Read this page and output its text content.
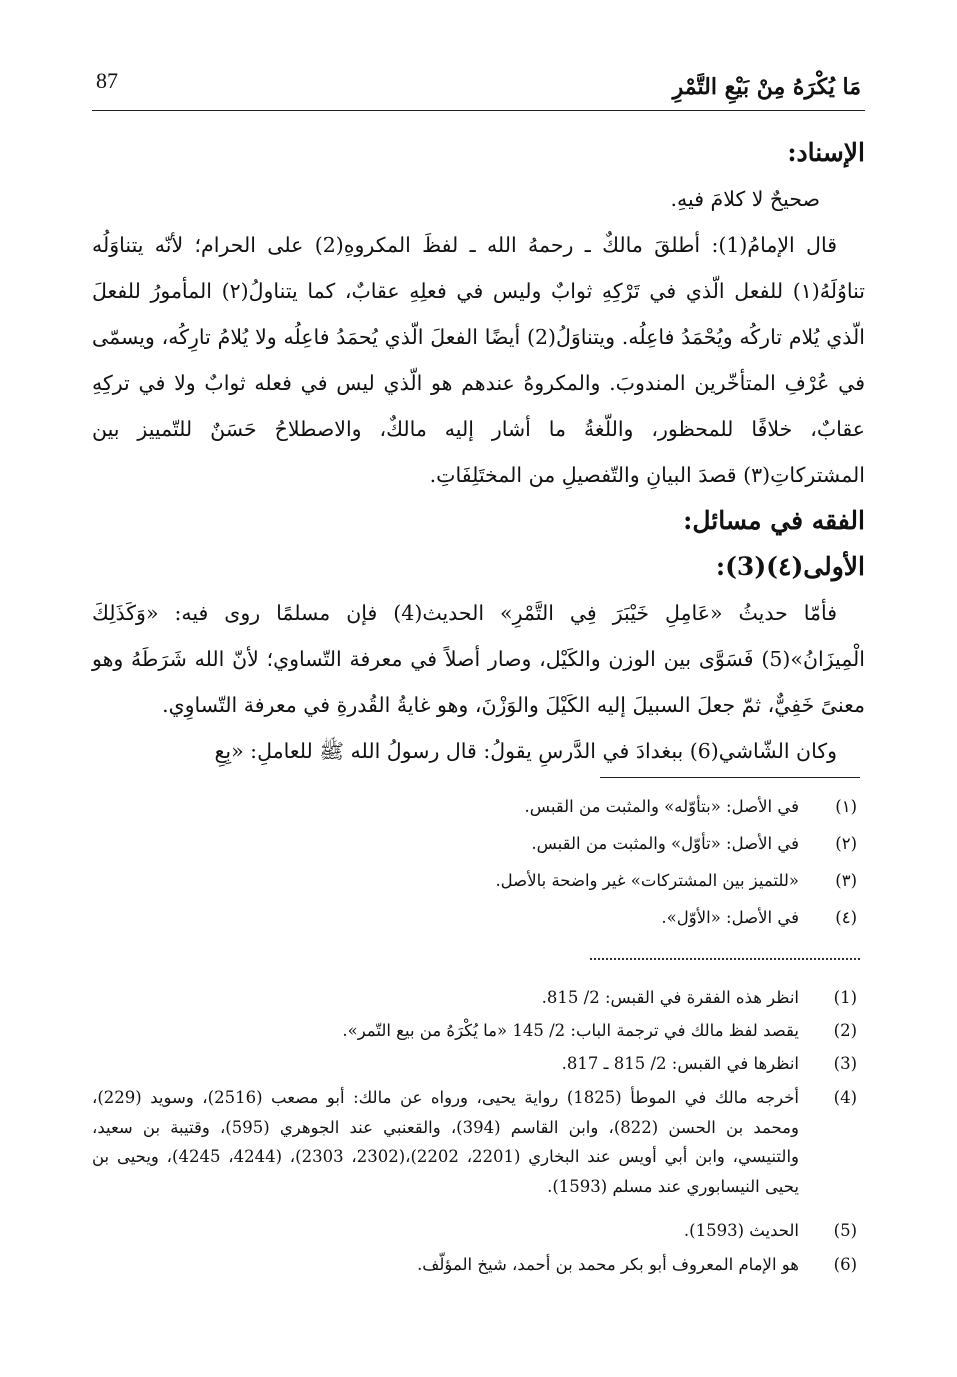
87	مَا يُكْرَهُ مِنْ بَيْعِ التَّمْرِ
الإسناد:
صحيحٌ لا كلامَ فيهِ.
قال الإمامُ(1): أطلقَ مالكٌ ـ رحمهُ الله ـ لفظَ المكروهِ(2) على الحرام؛ لأنّه يتناوَلُه تناوُلَهُ(١) للفعل الّذي في تَرْكِهِ ثوابٌ وليس في فعلِهِ عقابٌ، كما يتناولُ(٢) المأمورُ للفعلَ الّذي يُلام تاركُه ويُحْمَدُ فاعِلُه. ويتناوَلُ(2) أيضًا الفعلَ الّذي يُحمَدُ فاعِلُه ولا يُلامُ تارِكُه، ويسمّى في عُرْفِ المتأخّرين المندوبَ. والمكروهُ عندهم هو الّذي ليس في فعله ثوابٌ ولا في تركِهِ عقابٌ، خلافًا للمحظور، واللّغةُ ما أشار إليه مالكٌ، والاصطلاحُ حَسَنٌ للتّمييز بين المشتركاتِ(٣) قصدَ البيانِ والتّفصيلِ من المختَلِفَاتِ.
الفقه في مسائل:
الأولى(٤)(3):
فأمّا حديثُ «عَامِلِ خَيْبَرَ فِي التَّمْرِ» الحديث(4) فإن مسلمًا روى فيه: «وَكَذَلِكَ الْمِيزَانُ»(5) فَسَوَّى بين الوزن والكَيْل، وصار أصلاً في معرفة التّساوي؛ لأنّ الله شَرَطَهُ وهو معنىً خَفِيٌّ، ثمّ جعلَ السبيلَ إليه الكَيْلَ والوَزْنَ، وهو غايةُ القُدرةِ في معرفة التّساوِي.
وكان الشّاشي(6) ببغدادَ في الدَّرسِ يقولُ: قال رسولُ الله ﷺ للعاملِ: «بِعِ
(١)
في الأصل: «بتأوّله» والمثبت من القبس.
(٢)
في الأصل: «تأوّل» والمثبت من القبس.
(٣)
«للتميز بين المشتركات» غير واضحة بالأصل.
(٤)
في الأصل: «الأوّل».
(1)
انظر هذه الفقرة في القبس: 2/ 815.
(2)
يقصد لفظ مالك في ترجمة الباب: 2/ 145 «ما يُكْرَهُ من بيع التّمر».
(3)
انظرها في القبس: 2/ 815 ـ 817.
(4)
أخرجه مالك في الموطأ (1825) رواية يحيى، ورواه عن مالك: أبو مصعب (2516)، وسويد (229)، ومحمد بن الحسن (822)، وابن القاسم (394)، والقعنبي عند الجوهري (595)، وقتيبة بن سعيد، والتنيسي، وابن أبي أويس عند البخاري (2201، 2202)،(2302، 2303)، (4244، 4245)، ويحيى بن يحيى النيسابوري عند مسلم (1593).
(5)
الحديث (1593).
(6)
هو الإمام المعروف أبو بكر محمد بن أحمد، شيخ المؤلّف.
